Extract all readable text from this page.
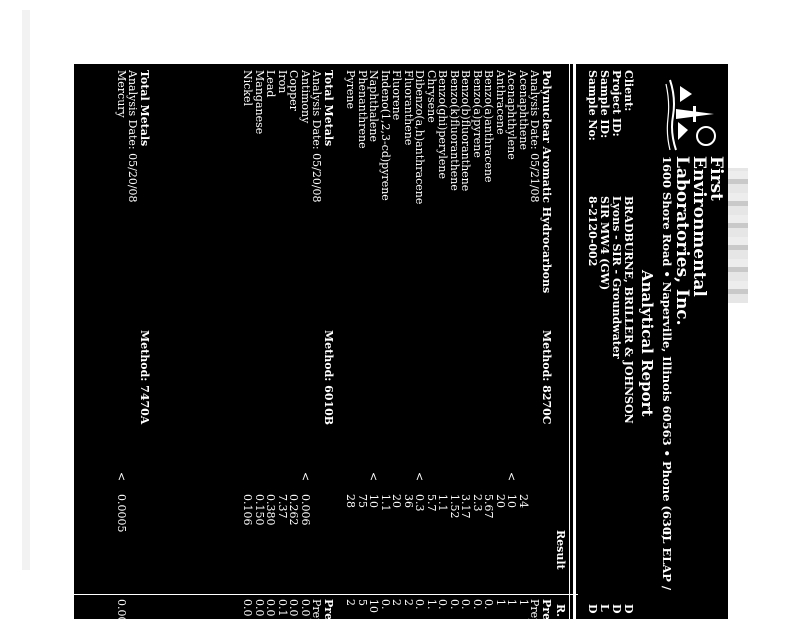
First
Environmental
Laboratories, Inc.
1600 Shore Road • Naperville, Illinois 60563 • Phone (630)
IL ELAP /
Analytical Report
Client:
BRADBURNE, BRILLER & JOHNSON
D
Project ID:
Lyons - SIR - Groundwater
D
Sample ID:
SIR MW4 (GW)
L
Sample No:
8-2120-002
D
Result
R.
Polynuclear Aromatic Hydrocarbons
Method: 8270C
Prepar
Analysis Date: 05/21/08
Prepara
Acenaphthene
24
1
Acenaphthylene
<
10
1
Anthracene
20
1
Benzo(a)anthracene
5.67
0.
Benzo(a)pyrene
2.3
0.
Benzo(b)fluoranthene
3.17
0.
Benzo(k)fluoranthene
1.52
0.
Benzo(ghi)perylene
1.1
0.
Chrysene
5.7
1.
Dibenzo(a,h)anthracene
<
0.3
0.
Fluoranthene
36
2
Fluorene
20
2
Indeno(1,2,3-cd)pyrene
1.1
0.
Naphthalene
<
10
10
Phenanthrene
75
5
Pyrene
28
2
Total Metals
Method: 6010B
Prepar
Analysis Date: 05/20/08
Prepara
Antimony
<
0.006
0.0
Copper
0.262
0.0
Iron
7.37
0.1
Lead
0.380
0.0
Manganese
0.150
0.0
Nickel
0.106
0.0
Total Metals
Method: 7470A
Analysis Date: 05/20/08
Mercury
<
0.0005
0.00
